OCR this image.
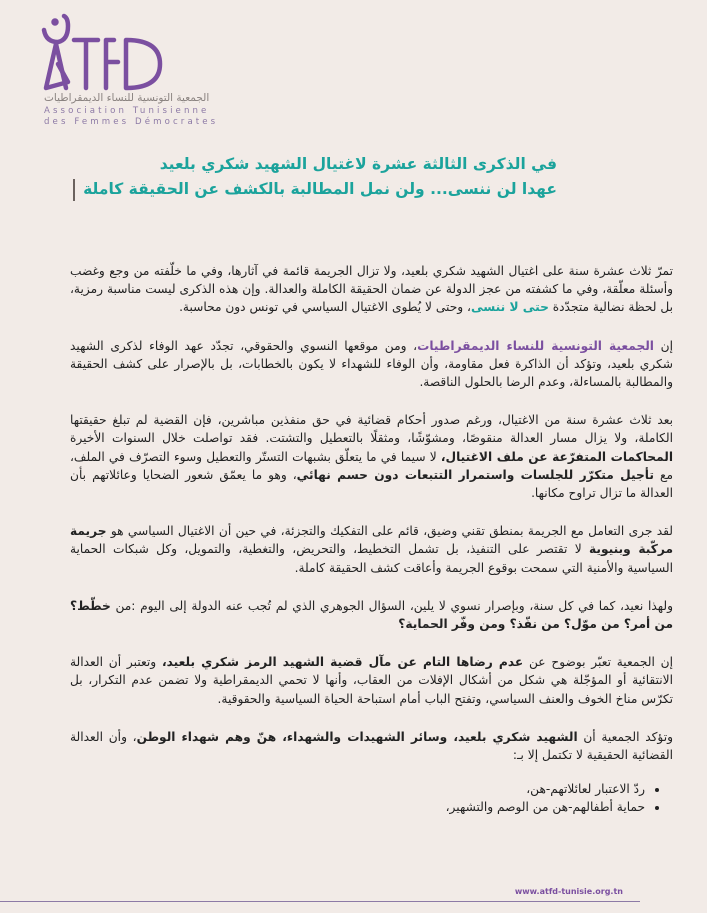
الجمعية التونسية للنساء الديمقراطيات
Association Tunisienne
des Femmes Démocrates
في الذكرى الثالثة عشرة لاغتيال الشهيد شكري بلعيد
عهدا لن ننسى... ولن نمل المطالبة بالكشف عن الحقيقة كاملة

تمرّ ثلاث عشرة سنة على اغتيال الشهيد شكري بلعيد، ولا تزال الجريمة قائمة في آثارها، وفي ما خلّفته من وجع وغضب وأسئلة معلّقة، وفي ما كشفته من عجز الدولة عن ضمان الحقيقة الكاملة والعدالة. وإن هذه الذكرى ليست مناسبة رمزية، بل لحظة نضالية متجدّدة حتى لا ننسى، وحتى لا يُطوى الاغتيال السياسي في تونس دون محاسبة.

إن الجمعية التونسية للنساء الديمقراطيات، ومن موقعها النسوي والحقوقي، تجدّد عهد الوفاء لذكرى الشهيد شكري بلعيد، وتؤكد أن الذاكرة فعل مقاومة، وأن الوفاء للشهداء لا يكون بالخطابات، بل بالإصرار على كشف الحقيقة والمطالبة بالمساءلة، وعدم الرضا بالحلول الناقصة.

بعد ثلاث عشرة سنة من الاغتيال، ورغم صدور أحكام قضائية في حق منفذين مباشرين، فإن القضية لم تبلغ حقيقتها الكاملة، ولا يزال مسار العدالة منقوصًا، ومشوّشًا، ومثقلًا بالتعطيل والتشتت. فقد تواصلت خلال السنوات الأخيرة المحاكمات المتفرّعة عن ملف الاغتيال، لا سيما في ما يتعلّق بشبهات التستّر والتعطيل وسوء التصرّف في الملف، مع تأجيل متكرّر للجلسات واستمرار التتبعات دون حسم نهائي، وهو ما يعمّق شعور الضحايا وعائلاتهم بأن العدالة ما تزال تراوح مكانها.

لقد جرى التعامل مع الجريمة بمنطق تقني وضيق، قائم على التفكيك والتجزئة، في حين أن الاغتيال السياسي هو جريمة مركّبة وبنيوية لا تقتصر على التنفيذ، بل تشمل التخطيط، والتحريض، والتغطية، والتمويل، وكل شبكات الحماية السياسية والأمنية التي سمحت بوقوع الجريمة وأعاقت كشف الحقيقة كاملة.

ولهذا نعيد، كما في كل سنة، وبإصرار نسوي لا يلين، السؤال الجوهري الذي لم تُجب عنه الدولة إلى اليوم :من خطّط؟ من أمر؟ من موّل؟ من نفّذ؟ ومن وفّر الحماية؟

إن الجمعية تعبّر بوضوح عن عدم رضاها التام عن مآل قضية الشهيد الرمز شكري بلعيد، وتعتبر أن العدالة الانتقائية أو المؤجّلة هي شكل من أشكال الإفلات من العقاب، وأنها لا تحمي الديمقراطية ولا تضمن عدم التكرار، بل تكرّس مناخ الخوف والعنف السياسي، وتفتح الباب أمام استباحة الحياة السياسية والحقوقية.

وتؤكد الجمعية أن الشهيد شكري بلعيد، وسائر الشهيدات والشهداء، هنّ وهم شهداء الوطن، وأن العدالة القضائية الحقيقية لا تكتمل إلا بـ:

• ردّ الاعتبار لعائلاتهم-هن،
• حماية أطفالهم-هن من الوصم والتشهير،
www.atfd-tunisie.org.tn
